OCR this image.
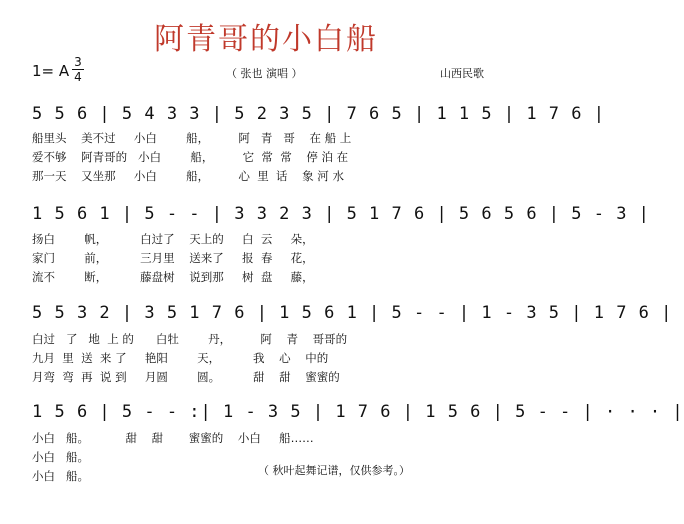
阿青哥的小白船
1= A 3
4	（ 张也 演唱 ）	山西民歌
5 5 6 | 5 4 3 3 | 5 2 3 5 | 7 6 5 | 1 1 5 | 1 7 6 |
船里头    美不过     小白        船，        阿   青   哥    在 船 上
爱不够    阿青哥的   小白        船，        它  常  常    停 泊 在
那一天    又坐那     小白        船，        心  里  话    象 河 水
1 5 6 1 | 5 - - | 3 3 2 3 | 5 1 7 6 | 5 6 5 6 | 5 - 3 |
扬白        帆，         白过了    天上的     白  云     朵，
家门        前，         三月里    送来了     报  春     花，
流不        断，         藤盘树    说到那     树  盘     藤，
5 5 3 2 | 3 5 1 7 6 | 1 5 6 1 | 5 - - | 1 - 3 5 | 1 7 6 |
白过   了   地  上 的      白牡        丹，        阿    青    哥哥的
九月  里  送  来 了     艳阳        天，         我    心    中的
月弯  弯  再  说 到     月圆        圆。         甜    甜    蜜蜜的
1 5 6 | 5 - - :| 1 - 3 5 | 1 7 6 | 1 5 6 | 5 - - | · · · |
小白   船。          甜    甜       蜜蜜的    小白     船……
小白   船。
小白   船。	（ 秋叶起舞记谱，仅供参考。）
